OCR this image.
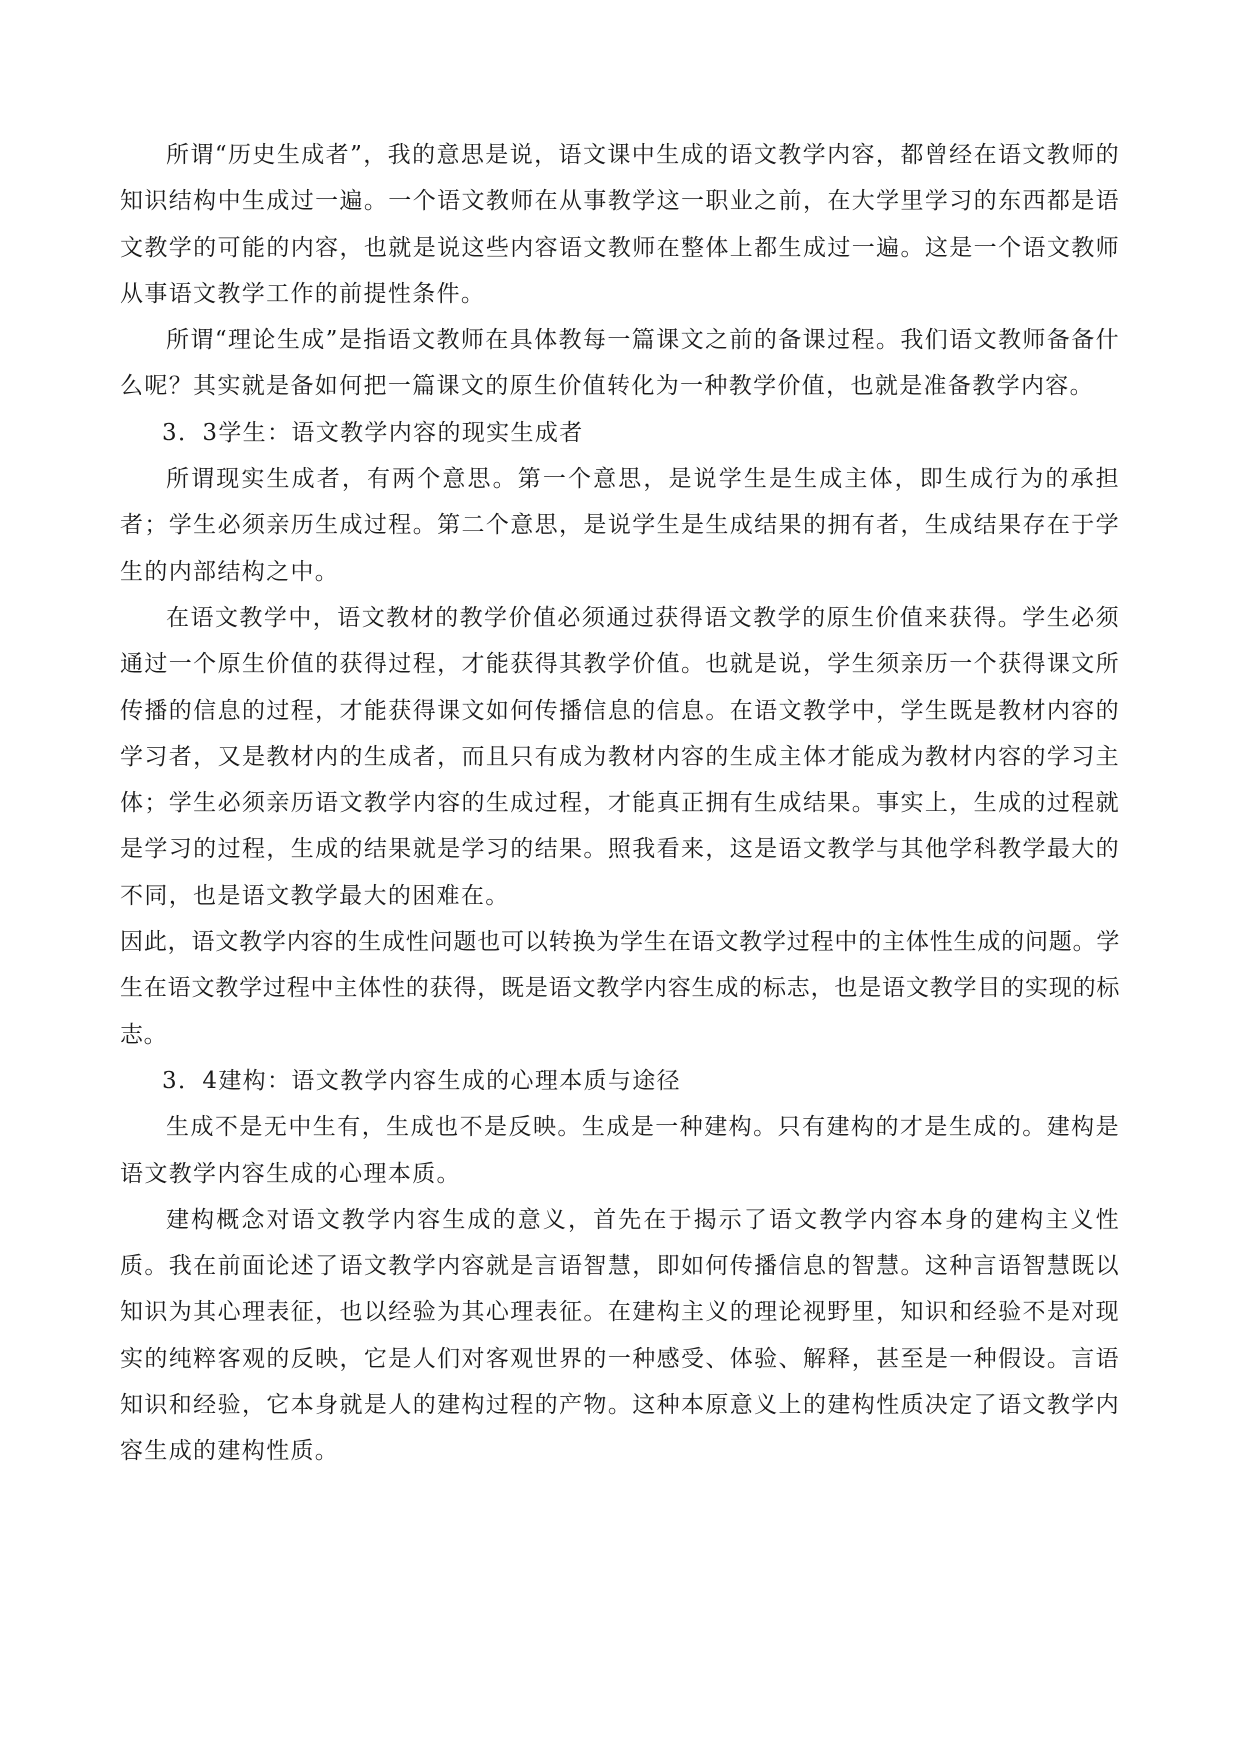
所谓“历史生成者”，我的意思是说，语文课中生成的语文教学内容，都曾经在语文教师的知识结构中生成过一遍。一个语文教师在从事教学这一职业之前，在大学里学习的东西都是语文教学的可能的内容，也就是说这些内容语文教师在整体上都生成过一遍。这是一个语文教师从事语文教学工作的前提性条件。

所谓“理论生成”是指语文教师在具体教每一篇课文之前的备课过程。我们语文教师备备什么呢？其实就是备如何把一篇课文的原生价值转化为一种教学价值，也就是准备教学内容。

3．3学生：语文教学内容的现实生成者

所谓现实生成者，有两个意思。第一个意思，是说学生是生成主体，即生成行为的承担者；学生必须亲历生成过程。第二个意思，是说学生是生成结果的拥有者，生成结果存在于学生的内部结构之中。

在语文教学中，语文教材的教学价值必须通过获得语文教学的原生价值来获得。学生必须通过一个原生价值的获得过程，才能获得其教学价值。也就是说，学生须亲历一个获得课文所传播的信息的过程，才能获得课文如何传播信息的信息。在语文教学中，学生既是教材内容的学习者，又是教材内的生成者，而且只有成为教材内容的生成主体才能成为教材内容的学习主体；学生必须亲历语文教学内容的生成过程，才能真正拥有生成结果。事实上，生成的过程就是学习的过程，生成的结果就是学习的结果。照我看来，这是语文教学与其他学科教学最大的不同，也是语文教学最大的困难在。

因此，语文教学内容的生成性问题也可以转换为学生在语文教学过程中的主体性生成的问题。学生在语文教学过程中主体性的获得，既是语文教学内容生成的标志，也是语文教学目的实现的标志。

3．4建构：语文教学内容生成的心理本质与途径

生成不是无中生有，生成也不是反映。生成是一种建构。只有建构的才是生成的。建构是语文教学内容生成的心理本质。

建构概念对语文教学内容生成的意义，首先在于揭示了语文教学内容本身的建构主义性质。我在前面论述了语文教学内容就是言语智慧，即如何传播信息的智慧。这种言语智慧既以知识为其心理表征，也以经验为其心理表征。在建构主义的理论视野里，知识和经验不是对现实的纯粹客观的反映，它是人们对客观世界的一种感受、体验、解释，甚至是一种假设。言语知识和经验，它本身就是人的建构过程的产物。这种本原意义上的建构性质决定了语文教学内容生成的建构性质。
